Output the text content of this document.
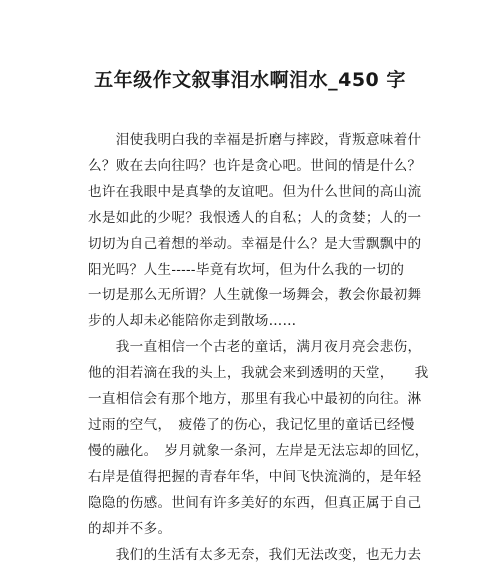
五年级作文叙事泪水啊泪水_450 字

　　泪使我明白我的幸福是折磨与摔跤，背叛意味着什
么？败在去向往吗？也许是贪心吧。世间的情是什么？
也许在我眼中是真挚的友谊吧。但为什么世间的高山流
水是如此的少呢？我恨透人的自私；人的贪婪；人的一
切切为自己着想的举动。幸福是什么？是大雪飘飘中的
阳光吗？人生-----毕竟有坎坷，但为什么我的一切的
一切是那么无所谓？人生就像一场舞会，教会你最初舞
步的人却未必能陪你走到散场……

　　我一直相信一个古老的童话，满月夜月亮会悲伤，
他的泪若滴在我的头上，我就会来到透明的天堂，　　我
一直相信会有那个地方，那里有我心中最初的向往。淋
过雨的空气，　疲倦了的伤心，我记忆里的童话已经慢
慢的融化。　岁月就象一条河，左岸是无法忘却的回忆，
右岸是值得把握的青春年华，中间飞快流淌的，是年轻
隐隐的伤感。世间有许多美好的东西，但真正属于自己
的却并不多。

　　我们的生活有太多无奈，我们无法改变，也无力去
